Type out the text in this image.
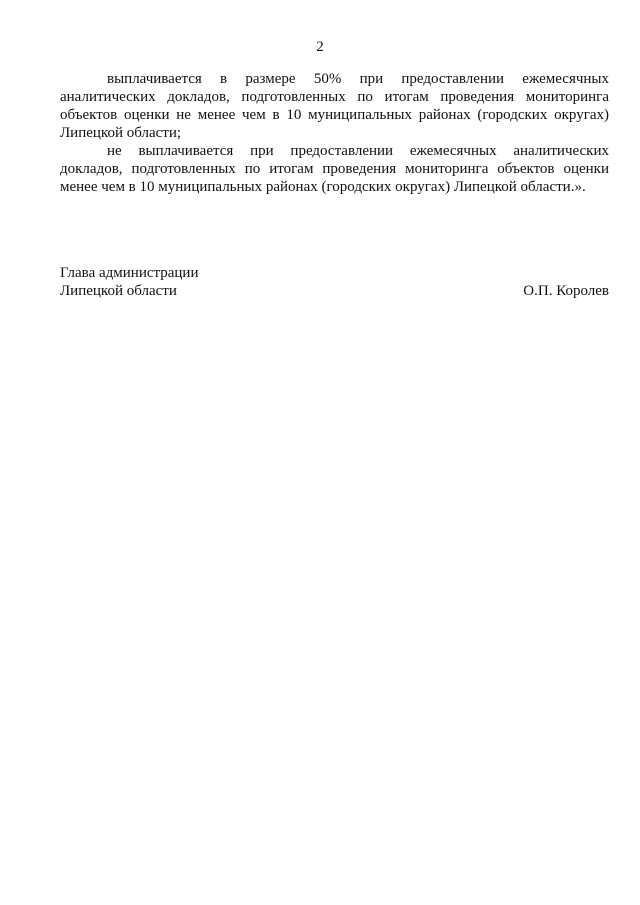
2

выплачивается в размере 50% при предоставлении ежемесячных аналитических докладов, подготовленных по итогам проведения мониторинга объектов оценки не менее чем в 10 муниципальных районах (городских округах) Липецкой области;

не выплачивается при предоставлении ежемесячных аналитических докладов, подготовленных по итогам проведения мониторинга объектов оценки менее чем в 10 муниципальных районах (городских округах) Липецкой области.».

Глава администрации
Липецкой области	О.П. Королев
